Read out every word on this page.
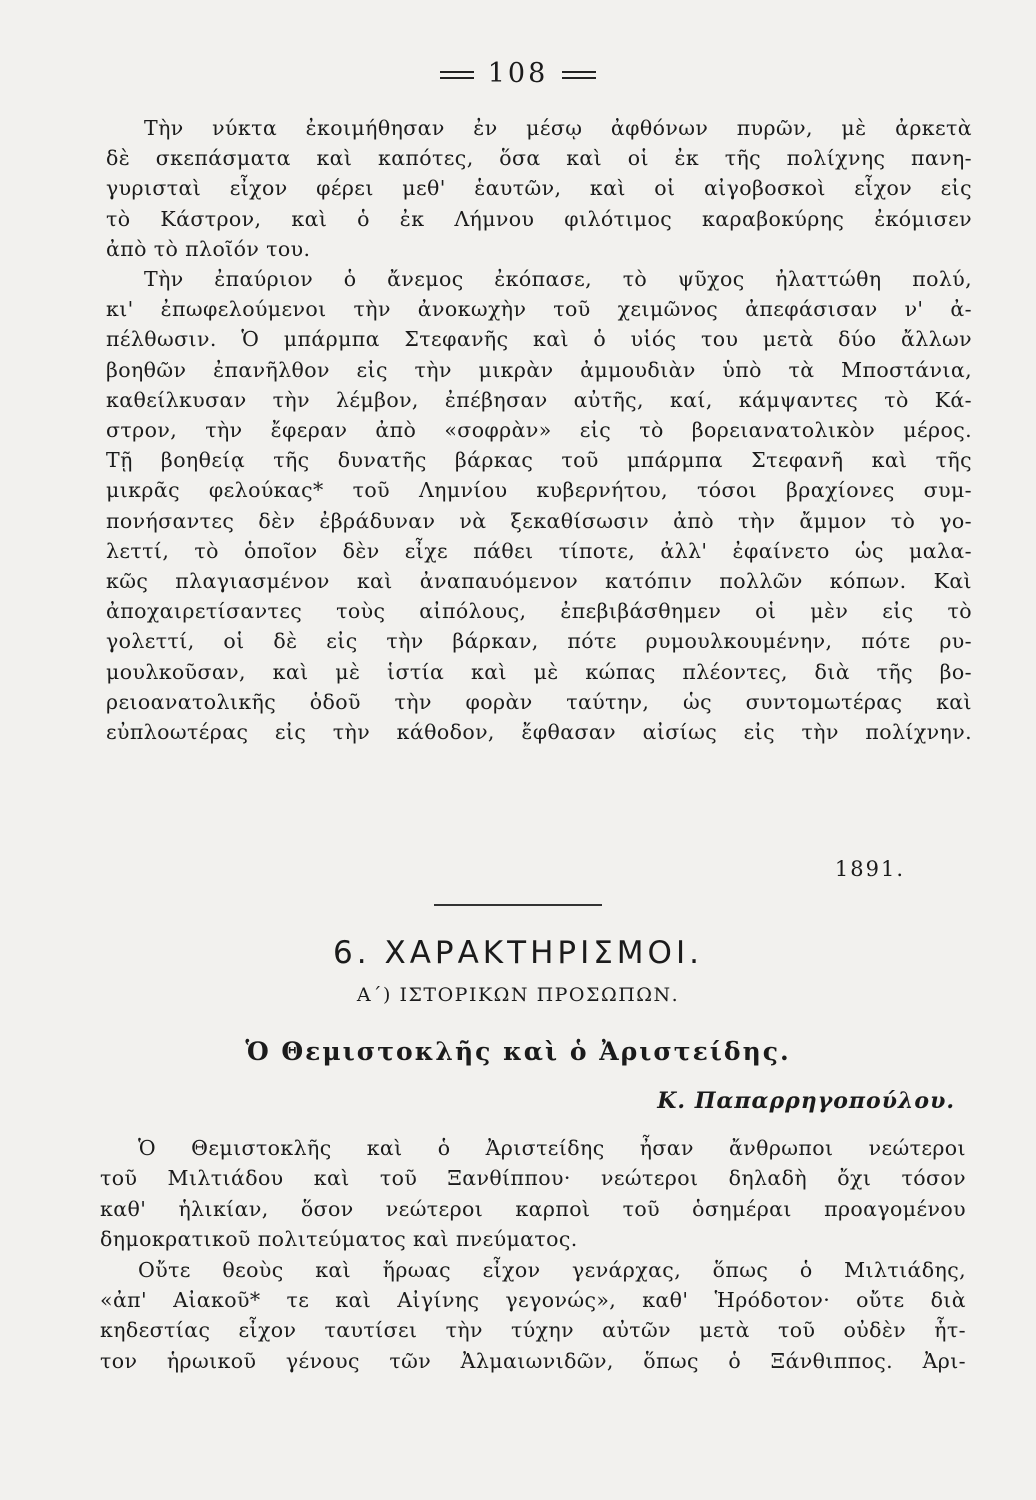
108
Τὴν νύκτα ἐκοιμήθησαν ἐν μέσῳ ἀφθόνων πυρῶν, μὲ ἀρκετὰ
δὲ σκεπάσματα καὶ καπότες, ὅσα καὶ οἱ ἐκ τῆς πολίχνης πανη-
γυρισταὶ εἶχον φέρει μεθ' ἑαυτῶν, καὶ οἱ αἰγοβοσκοὶ εἶχον εἰς
τὸ Κάστρον, καὶ ὁ ἐκ Λήμνου φιλότιμος καραβοκύρης ἐκόμισεν
ἀπὸ τὸ πλοῖόν του.
Τὴν ἐπαύριον ὁ ἄνεμος ἐκόπασε, τὸ ψῦχος ἠλαττώθη πολύ,
κι' ἐπωφελούμενοι τὴν ἀνοκωχὴν τοῦ χειμῶνος ἀπεφάσισαν ν' ἀ-
πέλθωσιν. Ὁ μπάρμπα Στεφανῆς καὶ ὁ υἱός του μετὰ δύο ἄλλων
βοηθῶν ἐπανῆλθον εἰς τὴν μικρὰν ἀμμουδιὰν ὑπὸ τὰ Μποστάνια,
καθείλκυσαν τὴν λέμβον, ἐπέβησαν αὐτῆς, καί, κάμψαντες τὸ Κά-
στρον, τὴν ἔφεραν ἀπὸ «σοφρὰν» εἰς τὸ βορειανατολικὸν μέρος.
Τῇ βοηθείᾳ τῆς δυνατῆς βάρκας τοῦ μπάρμπα Στεφανῆ καὶ τῆς
μικρᾶς φελούκας* τοῦ Λημνίου κυβερνήτου, τόσοι βραχίονες συμ-
πονήσαντες δὲν ἐβράδυναν νὰ ξεκαθίσωσιν ἀπὸ τὴν ἄμμον τὸ γο-
λεττί, τὸ ὁποῖον δὲν εἶχε πάθει τίποτε, ἀλλ' ἐφαίνετο ὡς μαλα-
κῶς πλαγιασμένον καὶ ἀναπαυόμενον κατόπιν πολλῶν κόπων. Καὶ
ἀποχαιρετίσαντες τοὺς αἰπόλους, ἐπεβιβάσθημεν οἱ μὲν εἰς τὸ
γολεττί, οἱ δὲ εἰς τὴν βάρκαν, πότε ρυμουλκουμένην, πότε ρυ-
μουλκοῦσαν, καὶ μὲ ἱστία καὶ μὲ κώπας πλέοντες, διὰ τῆς βο-
ρειοανατολικῆς ὁδοῦ τὴν φορὰν ταύτην, ὡς συντομωτέρας καὶ
εὐπλοωτέρας εἰς τὴν κάθοδον, ἔφθασαν αἰσίως εἰς τὴν πολίχνην.
1891.
6. ΧΑΡΑΚΤΗΡΙΣΜΟΙ.
Α΄) ΙΣΤΟΡΙΚΩΝ ΠΡΟΣΩΠΩΝ.
Ὁ Θεμιστοκλῆς καὶ ὁ Ἀριστείδης.
Κ. Παπαρρηγοπούλου.
Ὁ Θεμιστοκλῆς καὶ ὁ Ἀριστείδης ἦσαν ἄνθρωποι νεώτεροι
τοῦ Μιλτιάδου καὶ τοῦ Ξανθίππου· νεώτεροι δηλαδὴ ὄχι τόσον
καθ' ἡλικίαν, ὅσον νεώτεροι καρποὶ τοῦ ὁσημέραι προαγομένου
δημοκρατικοῦ πολιτεύματος καὶ πνεύματος.
Οὔτε θεοὺς καὶ ἥρωας εἶχον γενάρχας, ὅπως ὁ Μιλτιάδης,
«ἀπ' Αἰακοῦ* τε καὶ Αἰγίνης γεγονώς», καθ' Ἡρόδοτον· οὔτε διὰ
κηδεστίας εἶχον ταυτίσει τὴν τύχην αὐτῶν μετὰ τοῦ οὐδὲν ἧτ-
τον ἡρωικοῦ γένους τῶν Ἀλμαιωνιδῶν, ὅπως ὁ Ξάνθιππος. Ἀρι-
